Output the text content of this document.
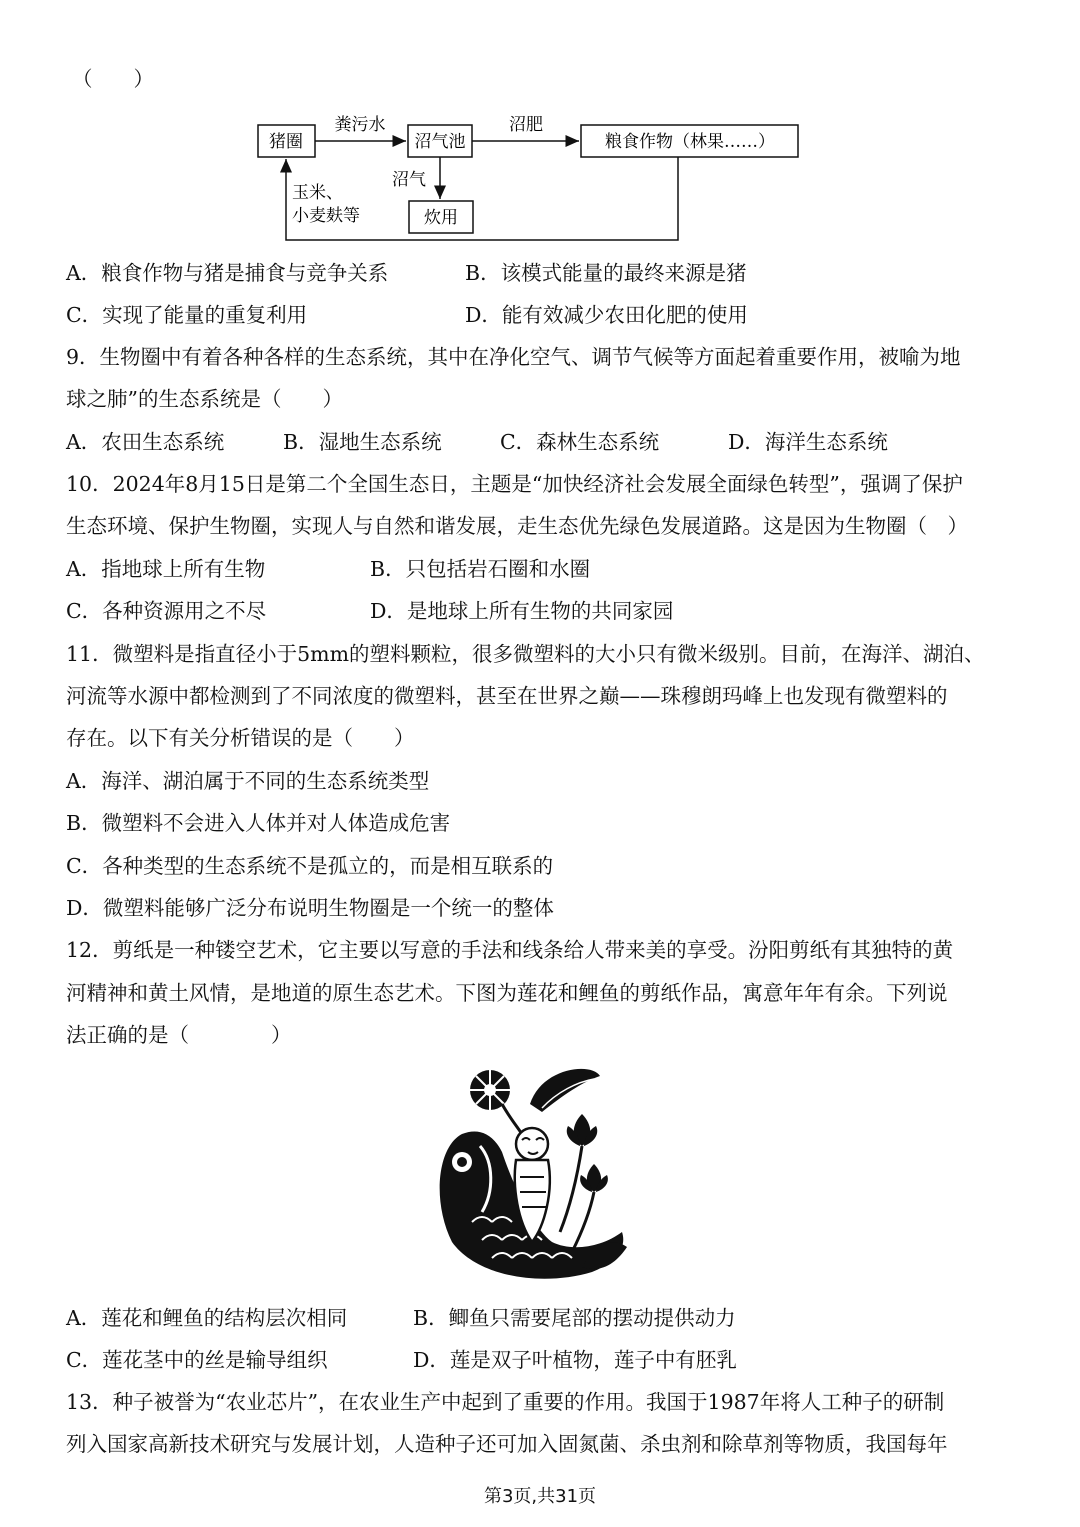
（　　）
猪圈	沼气池	粮食作物（林果……）
炊用
粪污水	沼肥
沼气
玉米、
小麦麸等
A．粮食作物与猪是捕食与竞争关系	B．该模式能量的最终来源是猪
C．实现了能量的重复利用	D．能有效减少农田化肥的使用
9．生物圈中有着各种各样的生态系统，其中在净化空气、调节气候等方面起着重要作用，被喻为地
球之肺”的生态系统是（　　）
A．农田生态系统	B．湿地生态系统	C．森林生态系统	D．海洋生态系统
10．2024年8月15日是第二个全国生态日，主题是“加快经济社会发展全面绿色转型”，强调了保护
生态环境、保护生物圈，实现人与自然和谐发展，走生态优先绿色发展道路。这是因为生物圈（　）
A．指地球上所有生物	B．只包括岩石圈和水圈
C．各种资源用之不尽	D．是地球上所有生物的共同家园
11．微塑料是指直径小于5mm的塑料颗粒，很多微塑料的大小只有微米级别。目前，在海洋、湖泊、
河流等水源中都检测到了不同浓度的微塑料，甚至在世界之巅——珠穆朗玛峰上也发现有微塑料的
存在。以下有关分析错误的是（　　）
A．海洋、湖泊属于不同的生态系统类型
B．微塑料不会进入人体并对人体造成危害
C．各种类型的生态系统不是孤立的，而是相互联系的
D．微塑料能够广泛分布说明生物圈是一个统一的整体
12．剪纸是一种镂空艺术，它主要以写意的手法和线条给人带来美的享受。汾阳剪纸有其独特的黄
河精神和黄土风情，是地道的原生态艺术。下图为莲花和鲤鱼的剪纸作品，寓意年年有余。下列说
法正确的是（　　　　）
A．莲花和鲤鱼的结构层次相同	B．鲫鱼只需要尾部的摆动提供动力
C．莲花茎中的丝是输导组织	D．莲是双子叶植物，莲子中有胚乳
13．种子被誉为“农业芯片”，在农业生产中起到了重要的作用。我国于1987年将人工种子的研制
列入国家高新技术研究与发展计划，人造种子还可加入固氮菌、杀虫剂和除草剂等物质，我国每年
第3页,共31页
